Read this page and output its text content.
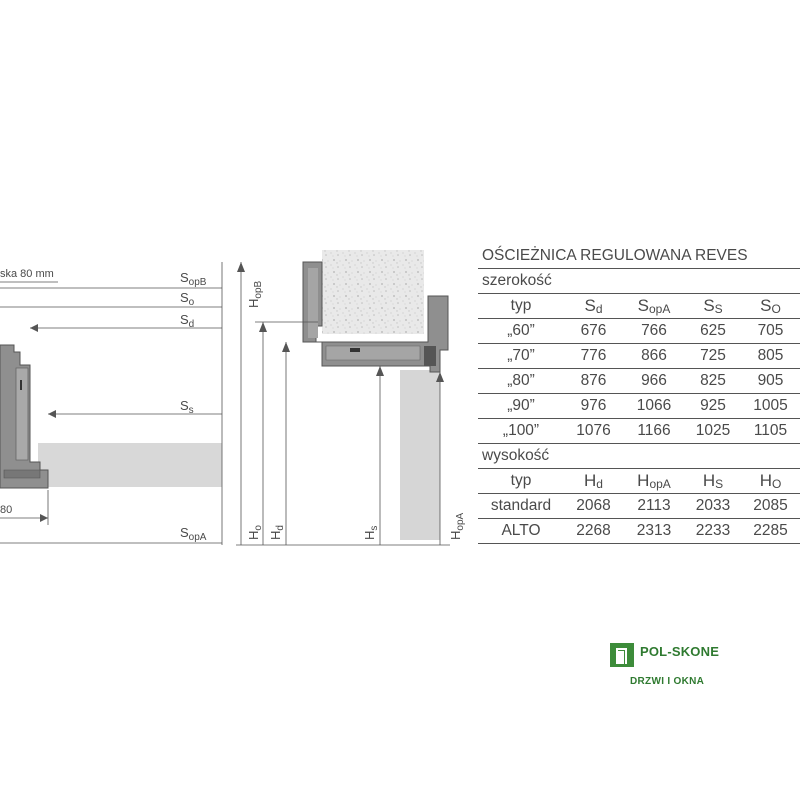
ska 80 mm
80
$S_{opB}$
$S_o$
$S_d$
$S_s$
$S_{opA}$
$H_{opB}$
$H_o$
$H_d$
$H_s$
$H_{opA}$
OŚCIEŻNICA REGULOWANA REVES
szerokość
typ	$S_d$	$S_{opA}$	$S_S$	$S_O$
„60”	676	766	625	705
„70”	776	866	725	805
„80”	876	966	825	905
„90”	976	1066	925	1005
„100”	1076	1166	1025	1105
wysokość
typ	$H_d$	$H_{opA}$	$H_S$	$H_O$
standard	2068	2113	2033	2085
ALTO	2268	2313	2233	2285
POL-SKONE
DRZWI I OKNA
